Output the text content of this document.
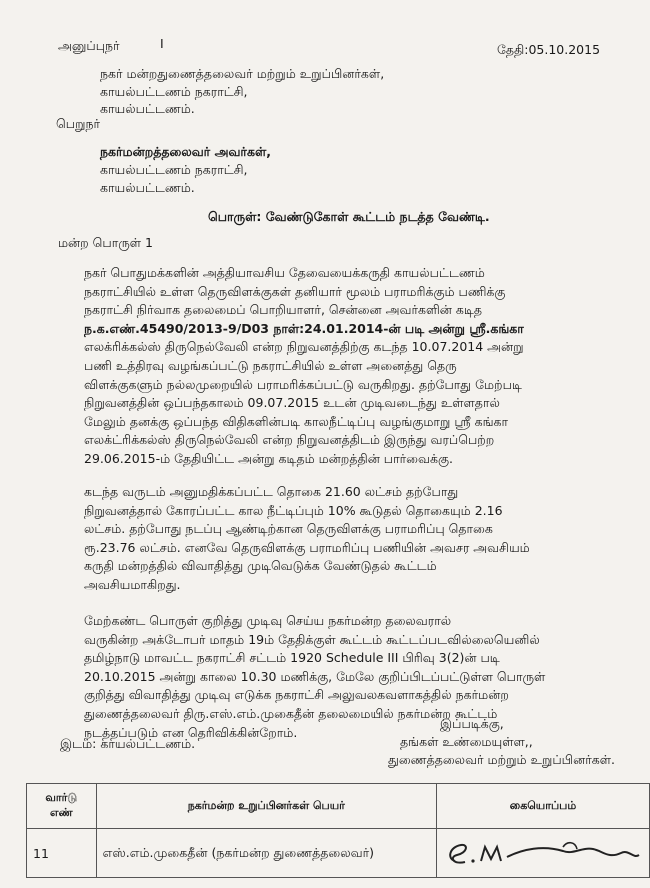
அனுப்புநர்	I	தேதி:05.10.2015
நகர் மன்றதுணைத்தலைவர் மற்றும் உறுப்பினர்கள்,
காயல்பட்டணம் நகராட்சி,
காயல்பட்டணம்.
பெறுநர்
நகர்மன்றத்தலைவர் அவர்கள்,
காயல்பட்டணம் நகராட்சி,
காயல்பட்டணம்.
பொருள்: வேண்டுகோள் கூட்டம் நடத்த வேண்டி.
மன்ற பொருள் 1
நகர் பொதுமக்களின் அத்தியாவசிய தேவையைக்கருதி காயல்பட்டணம்
நகராட்சியில் உள்ள தெருவிளக்குகள் தனியார் மூலம் பராமரிக்கும் பணிக்கு
நகராட்சி நிர்வாக தலைமைப் பொறியாளர், சென்னை அவர்களின் கடித
ந.க.எண்.45490/2013-9/D03 நாள்:24.01.2014-ன் படி அன்று ஸ்ரீ.கங்கா
எலக்ரிக்கல்ஸ் திருநெல்வேலி என்ற நிறுவனத்திற்கு கடந்த 10.07.2014 அன்று
பணி உத்திரவு வழங்கப்பட்டு நகராட்சியில் உள்ள அனைத்து தெரு
விளக்குகளும் நல்லமுறையில் பராமரிக்கப்பட்டு வருகிறது. தற்போது மேற்படி
நிறுவனத்தின் ஒப்பந்தகாலம் 09.07.2015 உடன் முடிவடைந்து உள்ளதால்
மேலும் தனக்கு ஒப்பந்த விதிகளின்படி காலநீட்டிப்பு வழங்குமாறு ஸ்ரீ கங்கா
எலக்ட்ரிக்கல்ஸ் திருநெல்வேலி என்ற நிறுவனத்திடம் இருந்து வரப்பெற்ற
29.06.2015-ம் தேதியிட்ட அன்று கடிதம் மன்றத்தின் பார்வைக்கு.
கடந்த வருடம் அனுமதிக்கப்பட்ட தொகை 21.60 லட்சம் தற்போது
நிறுவனத்தால் கோரப்பட்ட கால நீட்டிப்பும் 10% கூடுதல் தொகையும் 2.16
லட்சம். தற்போது நடப்பு ஆண்டிற்கான தெருவிளக்கு பராமரிப்பு தொகை
ரூ.23.76 லட்சம். எனவே தெருவிளக்கு பராமரிப்பு பணியின் அவசர அவசியம்
கருதி மன்றத்தில் விவாதித்து முடிவெடுக்க வேண்டுதல் கூட்டம்
அவசியமாகிறது.
மேற்கண்ட பொருள் குறித்து முடிவு செய்ய நகர்மன்ற தலைவரால்
வருகின்ற அக்டோபர் மாதம் 19ம் தேதிக்குள் கூட்டம் கூட்டப்படவில்லையெனில்
தமிழ்நாடு மாவட்ட நகராட்சி சட்டம் 1920 Schedule III பிரிவு 3(2)ன் படி
20.10.2015 அன்று காலை 10.30 மணிக்கு, மேலே குறிப்பிடப்பட்டுள்ள பொருள்
குறித்து விவாதித்து முடிவு எடுக்க நகராட்சி அலுவலகவளாகத்தில் நகர்மன்ற
துணைத்தலைவர் திரு.எஸ்.எம்.முகைதீன் தலைமையில் நகர்மன்ற கூட்டம்
நடத்தப்படும் என தெரிவிக்கின்றோம்.
இடம்: காயல்பட்டணம்.
இப்படிக்கு,
தங்கள் உண்மையுள்ள,,
துணைத்தலைவர் மற்றும் உறுப்பினர்கள்.
வார்டு எண்	நகர்மன்ற உறுப்பினர்கள் பெயர்	கையொப்பம்
11	எஸ்.எம்.முகைதீன் (நகர்மன்ற துணைத்தலைவர்)	
